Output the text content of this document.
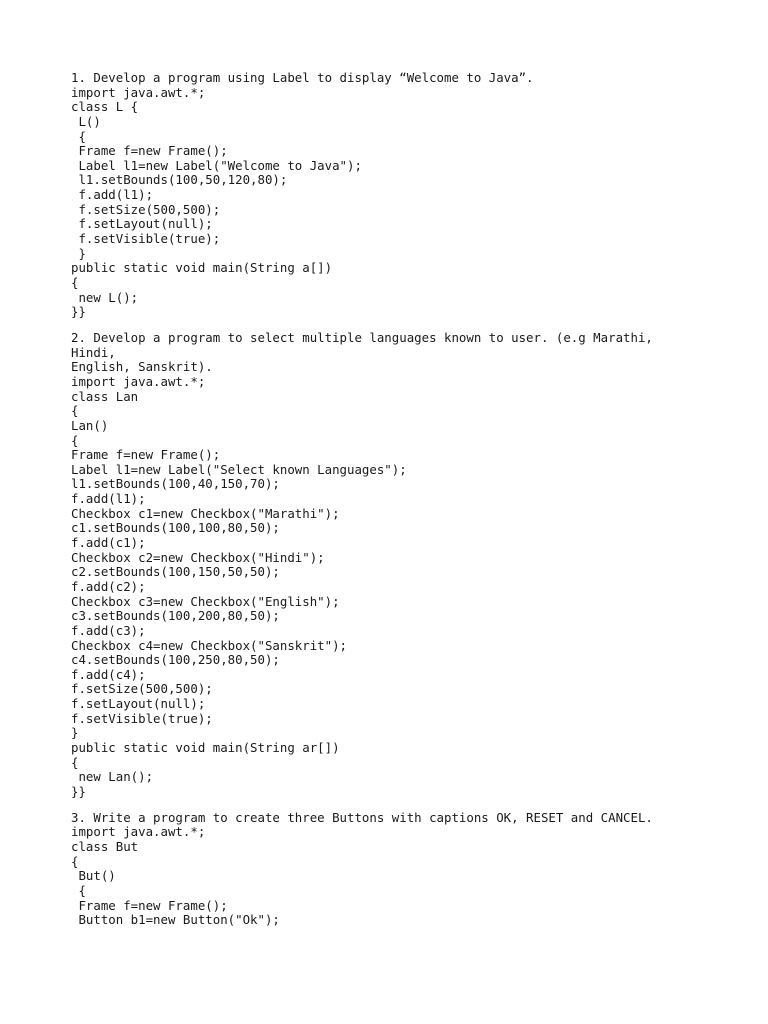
1. Develop a program using Label to display “Welcome to Java”.
import java.awt.*;
class L {
L()
{
Frame f=new Frame();
Label l1=new Label("Welcome to Java");
l1.setBounds(100,50,120,80);
f.add(l1);
f.setSize(500,500);
f.setLayout(null);
f.setVisible(true);
}
public static void main(String a[])
{
new L();
}}
2. Develop a program to select multiple languages known to user. (e.g Marathi,
Hindi,
English, Sanskrit).
import java.awt.*;
class Lan
{
Lan()
{
Frame f=new Frame();
Label l1=new Label("Select known Languages");
l1.setBounds(100,40,150,70);
f.add(l1);
Checkbox c1=new Checkbox("Marathi");
c1.setBounds(100,100,80,50);
f.add(c1);
Checkbox c2=new Checkbox("Hindi");
c2.setBounds(100,150,50,50);
f.add(c2);
Checkbox c3=new Checkbox("English");
c3.setBounds(100,200,80,50);
f.add(c3);
Checkbox c4=new Checkbox("Sanskrit");
c4.setBounds(100,250,80,50);
f.add(c4);
f.setSize(500,500);
f.setLayout(null);
f.setVisible(true);
}
public static void main(String ar[])
{
new Lan();
}}
3. Write a program to create three Buttons with captions OK, RESET and CANCEL.
import java.awt.*;
class But
{
But()
{
Frame f=new Frame();
Button b1=new Button("Ok");
